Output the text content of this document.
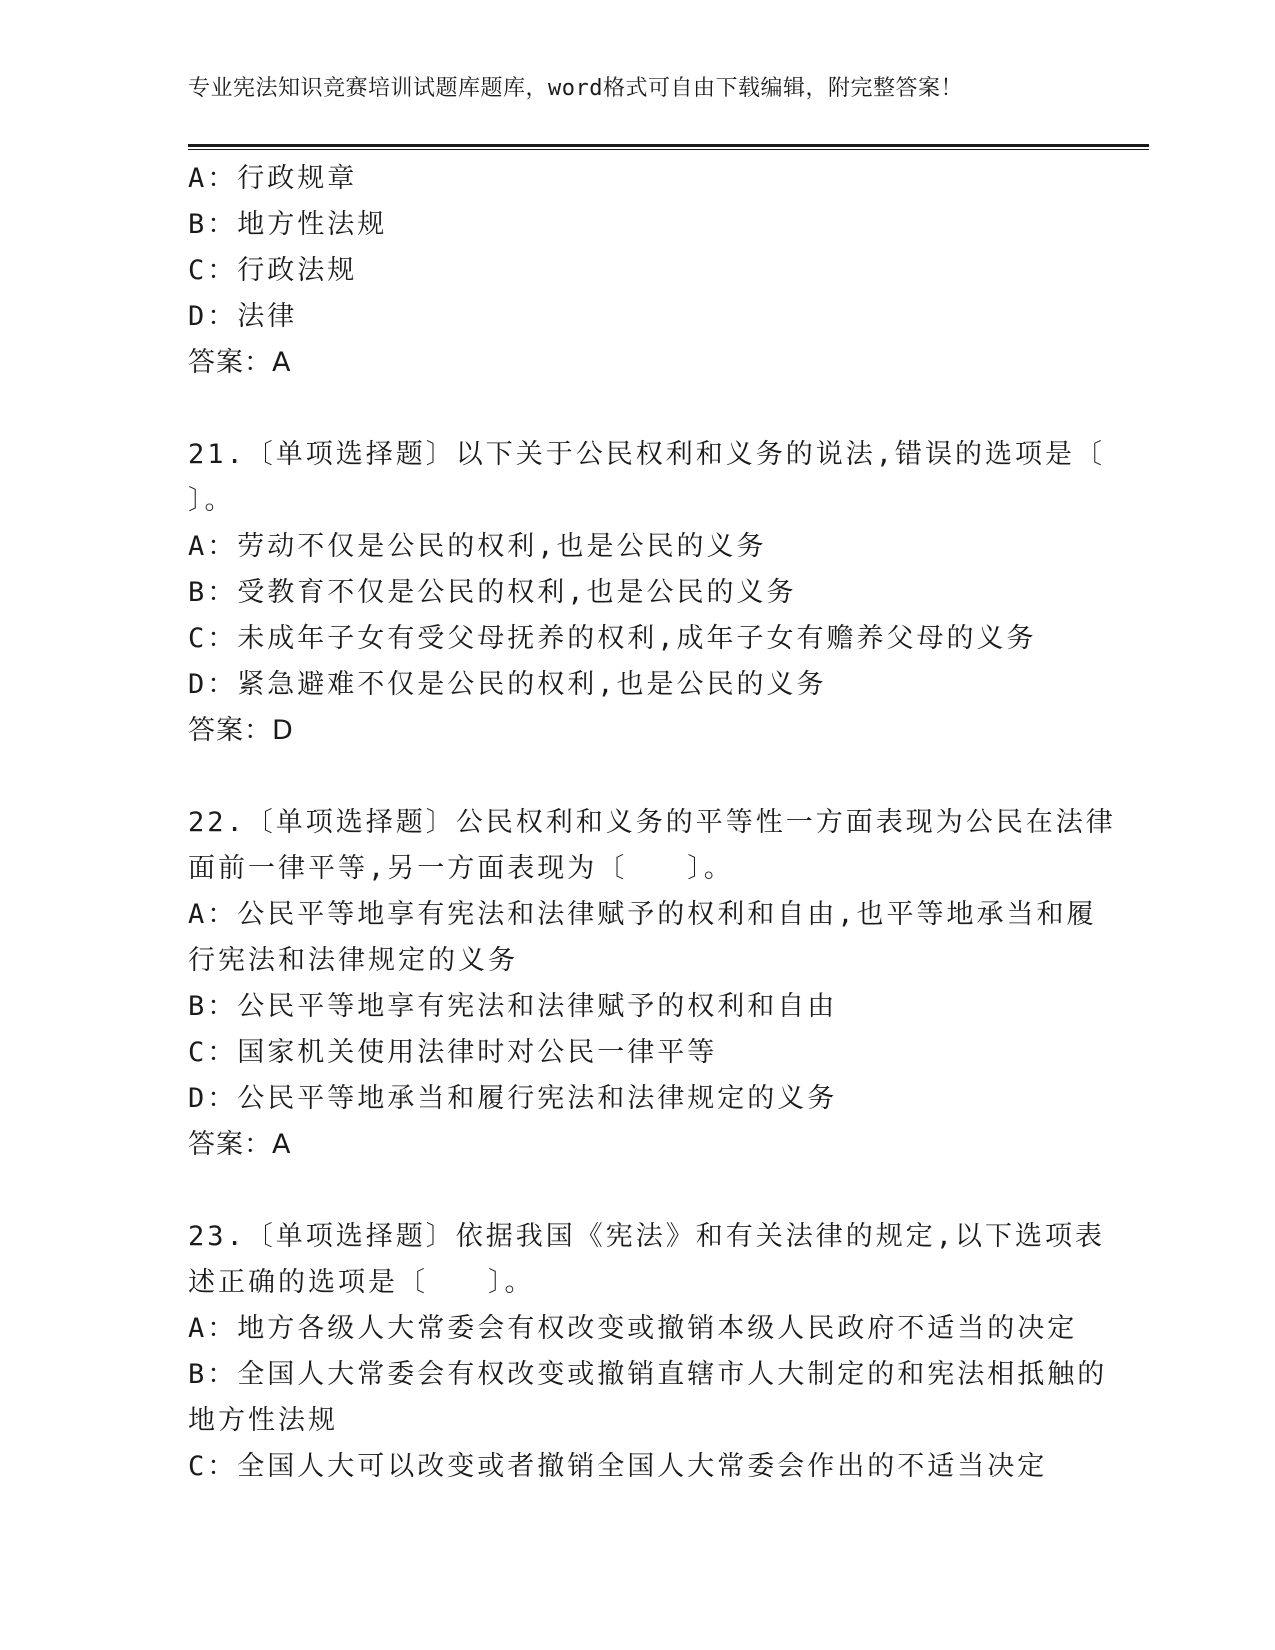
专业宪法知识竞赛培训试题库题库，word格式可自由下载编辑，附完整答案！
A：行政规章
B：地方性法规
C：行政法规
D：法律
答案：A
21.〔单项选择题〕以下关于公民权利和义务的说法,错误的选项是〔
〕。
A：劳动不仅是公民的权利,也是公民的义务
B：受教育不仅是公民的权利,也是公民的义务
C：未成年子女有受父母抚养的权利,成年子女有赡养父母的义务
D：紧急避难不仅是公民的权利,也是公民的义务
答案：D
22.〔单项选择题〕公民权利和义务的平等性一方面表现为公民在法律
面前一律平等,另一方面表现为〔　　〕。
A：公民平等地享有宪法和法律赋予的权利和自由,也平等地承当和履
行宪法和法律规定的义务
B：公民平等地享有宪法和法律赋予的权利和自由
C：国家机关使用法律时对公民一律平等
D：公民平等地承当和履行宪法和法律规定的义务
答案：A
23.〔单项选择题〕依据我国《宪法》和有关法律的规定,以下选项表
述正确的选项是〔　　〕。
A：地方各级人大常委会有权改变或撤销本级人民政府不适当的决定
B：全国人大常委会有权改变或撤销直辖市人大制定的和宪法相抵触的
地方性法规
C：全国人大可以改变或者撤销全国人大常委会作出的不适当决定
